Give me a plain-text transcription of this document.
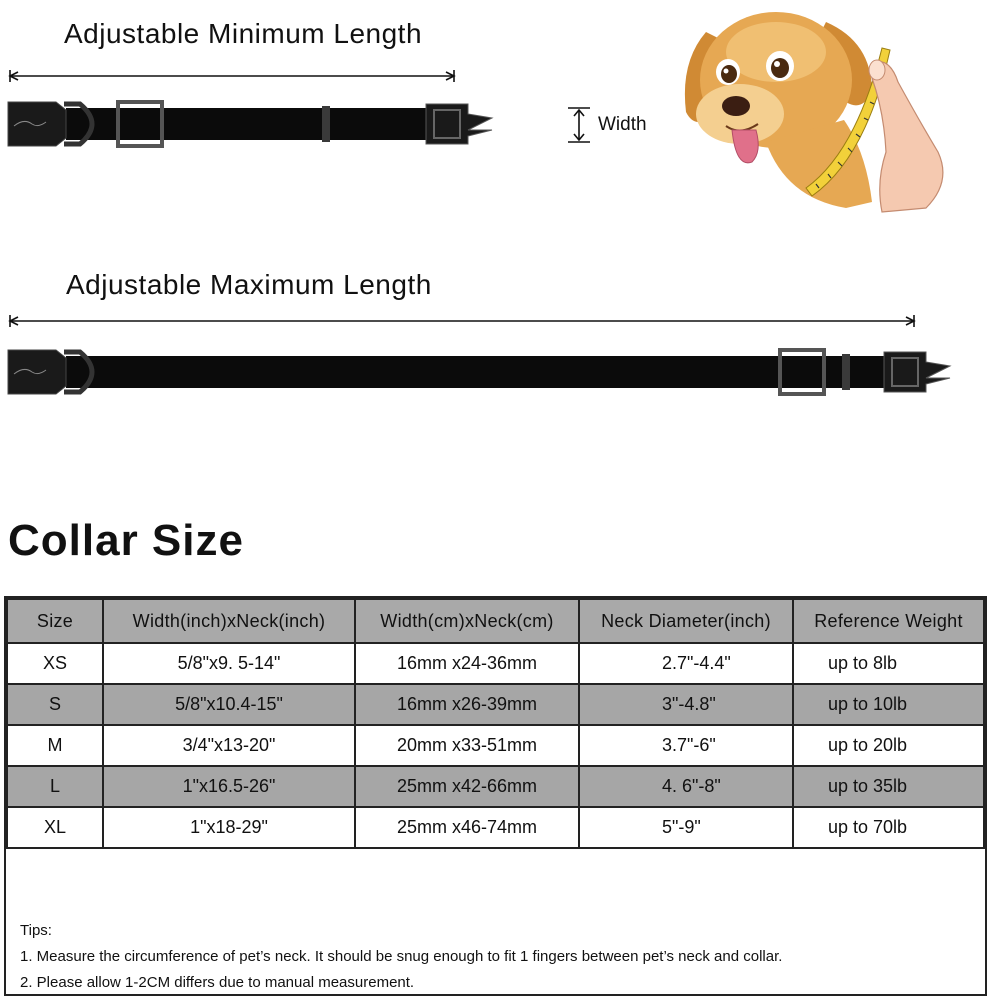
Adjustable Minimum Length
Width
Adjustable Maximum Length
Collar Size
Size	Width(inch)xNeck(inch)	Width(cm)xNeck(cm)	Neck Diameter(inch)	Reference Weight
XS	5/8"x9. 5-14"	16mm x24-36mm	2.7"-4.4"	up to 8lb
S	5/8"x10.4-15"	16mm x26-39mm	3"-4.8"	up to 10lb
M	3/4"x13-20"	20mm x33-51mm	3.7"-6"	up to 20lb
L	1"x16.5-26"	25mm x42-66mm	4. 6"-8"	up to 35lb
XL	1"x18-29"	25mm x46-74mm	5"-9"	up to 70lb
Tips:
1. Measure the circumference of pet’s neck. It should be snug enough to fit 1 fingers between pet’s neck and collar.
2. Please allow 1-2CM differs due to manual measurement.
